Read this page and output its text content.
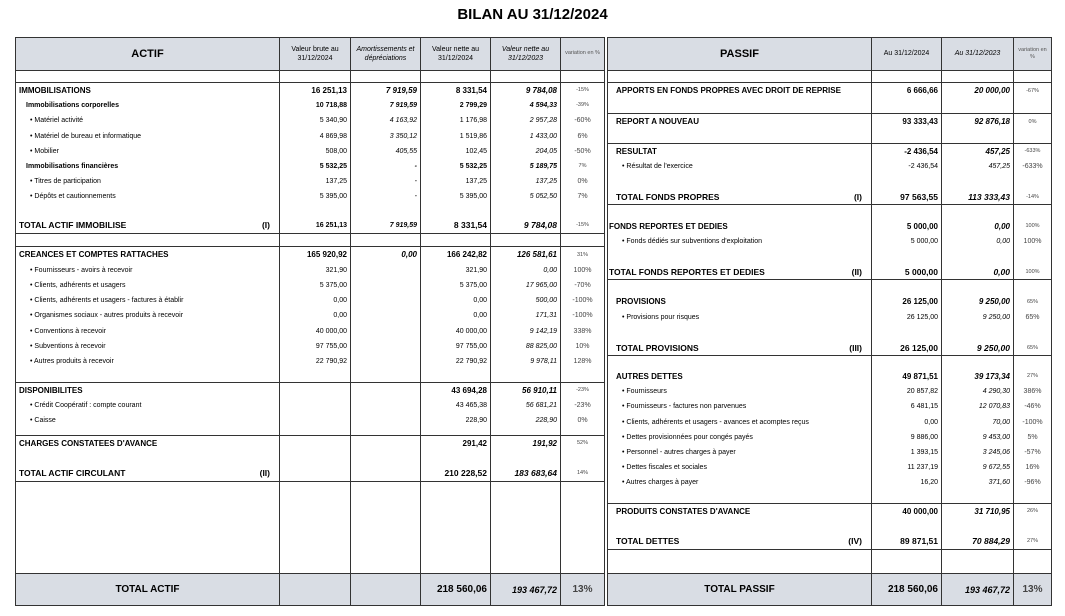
BILAN AU 31/12/2024
ACTIF	Valeur brute au 31/12/2024	Amortissements et dépréciations	Valeur nette au 31/12/2024	Valeur nette au 31/12/2023	variation en %

IMMOBILISATIONS	16 251,13	7 919,59	8 331,54	9 784,08	-15%
Immobilisations corporelles	10 718,88	7 919,59	2 799,29	4 594,33	-39%
• Matériel activité	5 340,90	4 163,92	1 176,98	2 957,28	-60%
• Matériel de bureau et informatique	4 869,98	3 350,12	1 519,86	1 433,00	6%
• Mobilier	508,00	405,55	102,45	204,05	-50%
Immobilisations financières	5 532,25	-	5 532,25	5 189,75	7%
• Titres de participation	137,25	-	137,25	137,25	0%
• Dépôts et cautionnements	5 395,00	-	5 395,00	5 052,50	7%

TOTAL ACTIF IMMOBILISE (I)	16 251,13	7 919,59	8 331,54	9 784,08	-15%

CREANCES ET COMPTES RATTACHES	165 920,92	0,00	166 242,82	126 581,61	31%
• Fournisseurs - avoirs à recevoir	321,90		321,90	0,00	100%
• Clients, adhérents et usagers	5 375,00		5 375,00	17 965,00	-70%
• Clients, adhérents et usagers - factures à établir	0,00		0,00	500,00	-100%
• Organismes sociaux - autres produits à recevoir	0,00		0,00	171,31	-100%
• Conventions à recevoir	40 000,00		40 000,00	9 142,19	338%
• Subventions à recevoir	97 755,00		97 755,00	88 825,00	10%
• Autres produits à recevoir	22 790,92		22 790,92	9 978,11	128%

DISPONIBILITES			43 694,28	56 910,11	-23%
• Crédit Coopératif : compte courant			43 465,38	56 681,21	-23%
• Caisse			228,90	228,90	0%

CHARGES CONSTATEES D'AVANCE			291,42	191,92	52%

TOTAL ACTIF CIRCULANT (II)			210 228,52	183 683,64	14%

TOTAL ACTIF			218 560,06	193 467,72	13%
PASSIF	Au 31/12/2024	Au 31/12/2023	variation en %

APPORTS EN FONDS PROPRES AVEC DROIT DE REPRISE	6 666,66	20 000,00	-67%

REPORT A NOUVEAU	93 333,43	92 876,18	0%

RESULTAT	-2 436,54	457,25	-633%
• Résultat de l'exercice	-2 436,54	457,25	-633%

TOTAL FONDS PROPRES (I)	97 563,55	113 333,43	-14%

FONDS REPORTES ET DEDIES	5 000,00	0,00	100%
• Fonds dédiés sur subventions d'exploitation	5 000,00	0,00	100%

TOTAL FONDS REPORTES ET DEDIES (II)	5 000,00	0,00	100%

PROVISIONS	26 125,00	9 250,00	65%
• Provisions pour risques	26 125,00	9 250,00	65%

TOTAL PROVISIONS (III)	26 125,00	9 250,00	65%

AUTRES DETTES	49 871,51	39 173,34	27%
• Fournisseurs	20 857,82	4 290,30	386%
• Fournisseurs - factures non parvenues	6 481,15	12 070,83	-46%
• Clients, adhérents et usagers - avances et acomptes reçus	0,00	70,00	-100%
• Dettes provisionnées pour congés payés	9 886,00	9 453,00	5%
• Personnel - autres charges à payer	1 393,15	3 245,06	-57%
• Dettes fiscales et sociales	11 237,19	9 672,55	16%
• Autres charges à payer	16,20	371,60	-96%

PRODUITS CONSTATES D'AVANCE	40 000,00	31 710,95	26%

TOTAL DETTES (IV)	89 871,51	70 884,29	27%

TOTAL PASSIF	218 560,06	193 467,72	13%
